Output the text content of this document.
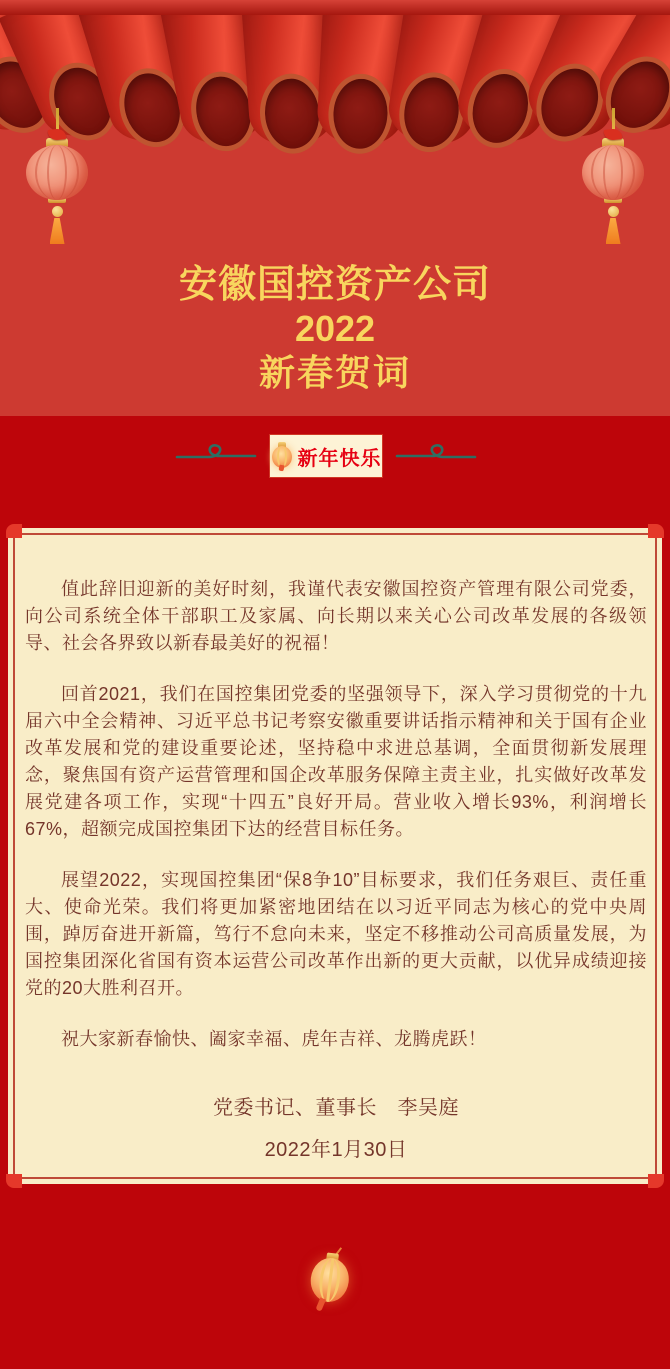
安徽国控资产公司
2022
新春贺词
新年快乐

值此辞旧迎新的美好时刻，我谨代表安徽国控资产管理有限公司党委，向公司系统全体干部职工及家属、向长期以来关心公司改革发展的各级领导、社会各界致以新春最美好的祝福！

回首2021，我们在国控集团党委的坚强领导下，深入学习贯彻党的十九届六中全会精神、习近平总书记考察安徽重要讲话指示精神和关于国有企业改革发展和党的建设重要论述，坚持稳中求进总基调，全面贯彻新发展理念，聚焦国有资产运营管理和国企改革服务保障主责主业，扎实做好改革发展党建各项工作，实现“十四五”良好开局。营业收入增长93%，利润增长67%，超额完成国控集团下达的经营目标任务。

展望2022，实现国控集团“保8争10”目标要求，我们任务艰巨、责任重大、使命光荣。我们将更加紧密地团结在以习近平同志为核心的党中央周围，踔厉奋进开新篇，笃行不怠向未来，坚定不移推动公司高质量发展，为国控集团深化省国有资本运营公司改革作出新的更大贡献，以优异成绩迎接党的20大胜利召开。

祝大家新春愉快、阖家幸福、虎年吉祥、龙腾虎跃！

党委书记、董事长　李吴庭
2022年1月30日
